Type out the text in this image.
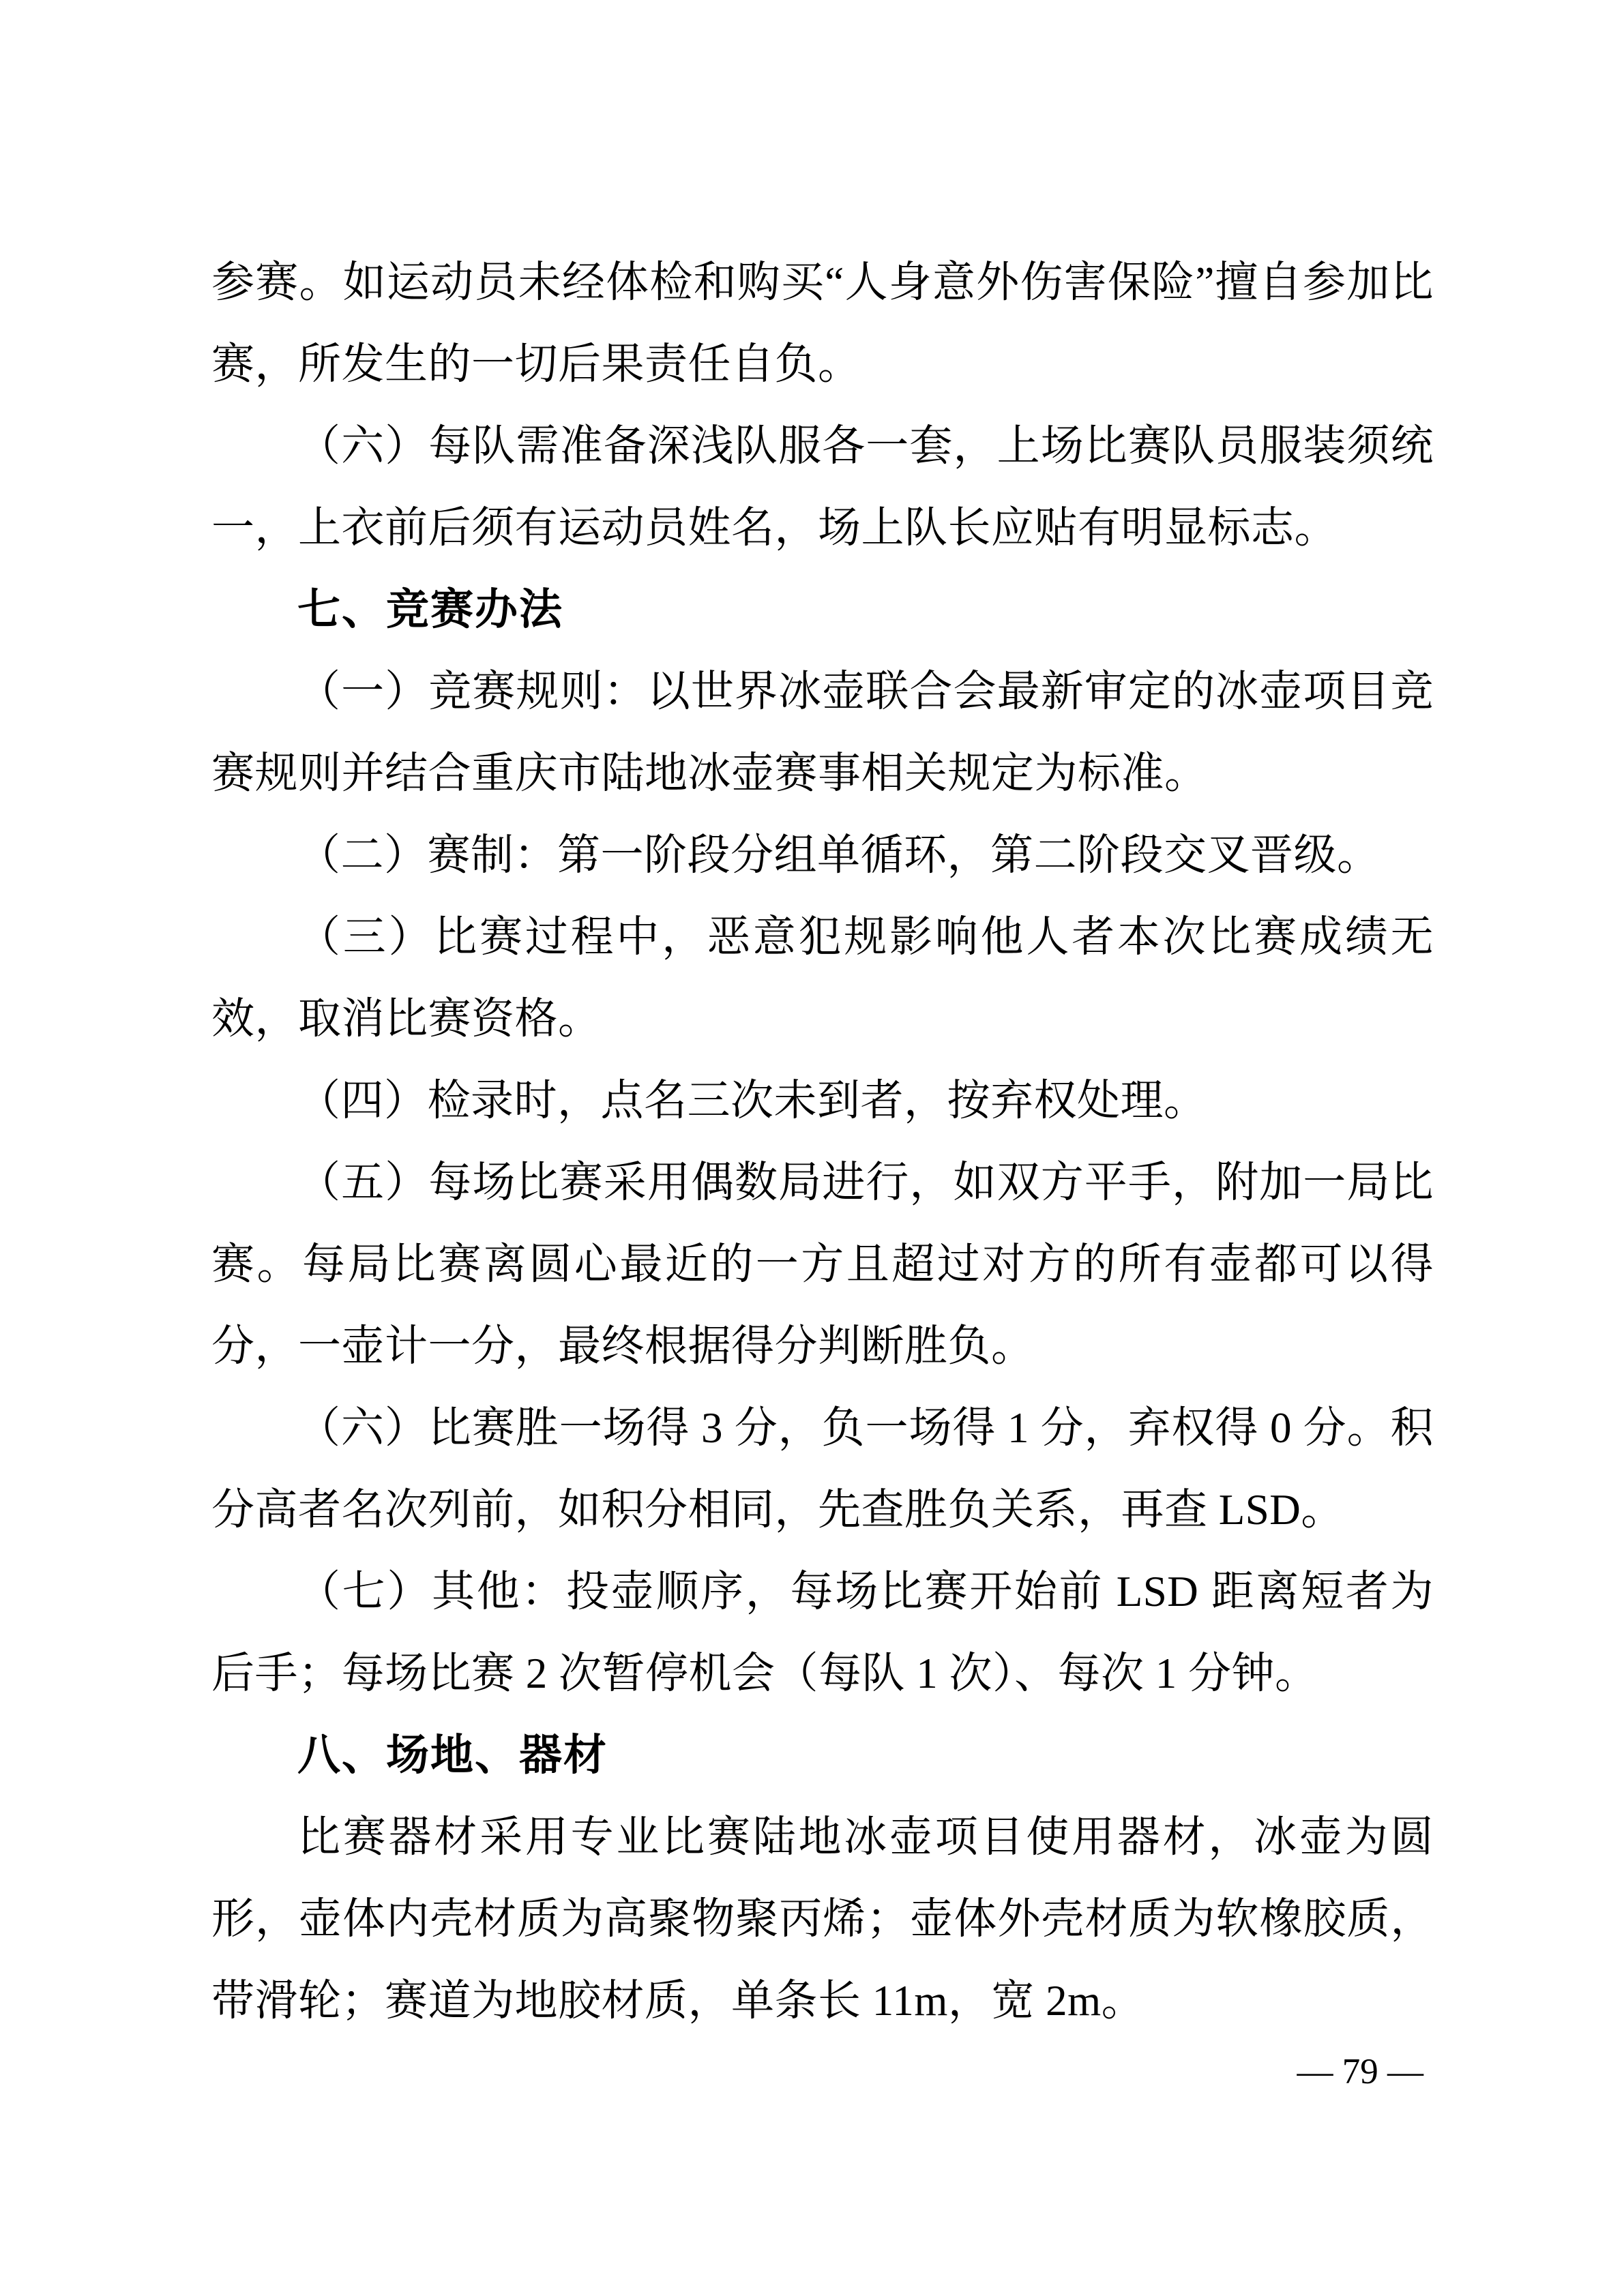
参赛。如运动员未经体检和购买“人身意外伤害保险”擅自参加比赛，所发生的一切后果责任自负。

（六）每队需准备深浅队服各一套，上场比赛队员服装须统一，上衣前后须有运动员姓名，场上队长应贴有明显标志。

七、竞赛办法

（一）竞赛规则：以世界冰壶联合会最新审定的冰壶项目竞赛规则并结合重庆市陆地冰壶赛事相关规定为标准。

（二）赛制：第一阶段分组单循环，第二阶段交叉晋级。

（三）比赛过程中，恶意犯规影响他人者本次比赛成绩无效，取消比赛资格。

（四）检录时，点名三次未到者，按弃权处理。

（五）每场比赛采用偶数局进行，如双方平手，附加一局比赛。每局比赛离圆心最近的一方且超过对方的所有壶都可以得分，一壶计一分，最终根据得分判断胜负。

（六）比赛胜一场得 3 分，负一场得 1 分，弃权得 0 分。积分高者名次列前，如积分相同，先查胜负关系，再查 LSD。

（七）其他：投壶顺序，每场比赛开始前 LSD 距离短者为后手；每场比赛 2 次暂停机会（每队 1 次）、每次 1 分钟。

八、场地、器材

比赛器材采用专业比赛陆地冰壶项目使用器材，冰壶为圆形，壶体内壳材质为高聚物聚丙烯；壶体外壳材质为软橡胶质，带滑轮；赛道为地胶材质，单条长 11m，宽 2m。

— 79 —
